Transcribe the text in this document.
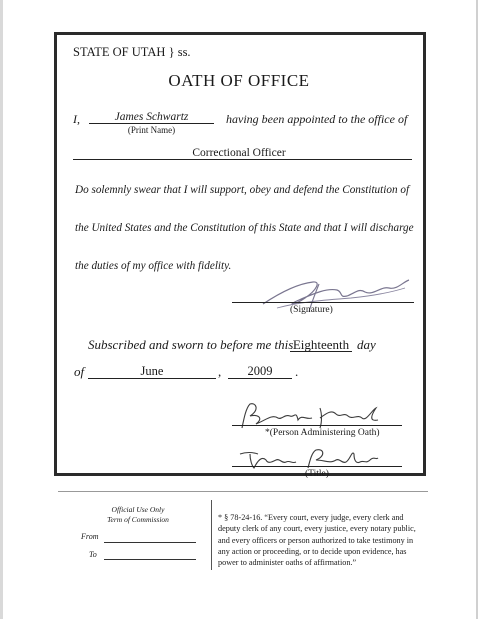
STATE OF UTAH } ss.
OATH OF OFFICE
I,	James Schwartz
(Print Name)
having been appointed to the office of
Correctional Officer
Do solemnly swear that I will support, obey and defend the Constitution of
the United States and the Constitution of this State and that I will discharge
the duties of my office with fidelity.
(Signature)
Subscribed and sworn to before me this Eighteenth day
of	June	,	2009	.
*(Person Administering Oath)
(Title)
Official Use Only
Term of Commission
From
To
* § 78-24-16. “Every court, every judge, every clerk and
deputy clerk of any court, every justice, every notary public,
and every officers or person authorized to take testimony in
any action or proceeding, or to decide upon evidence, has
power to administer oaths of affirmation.”
